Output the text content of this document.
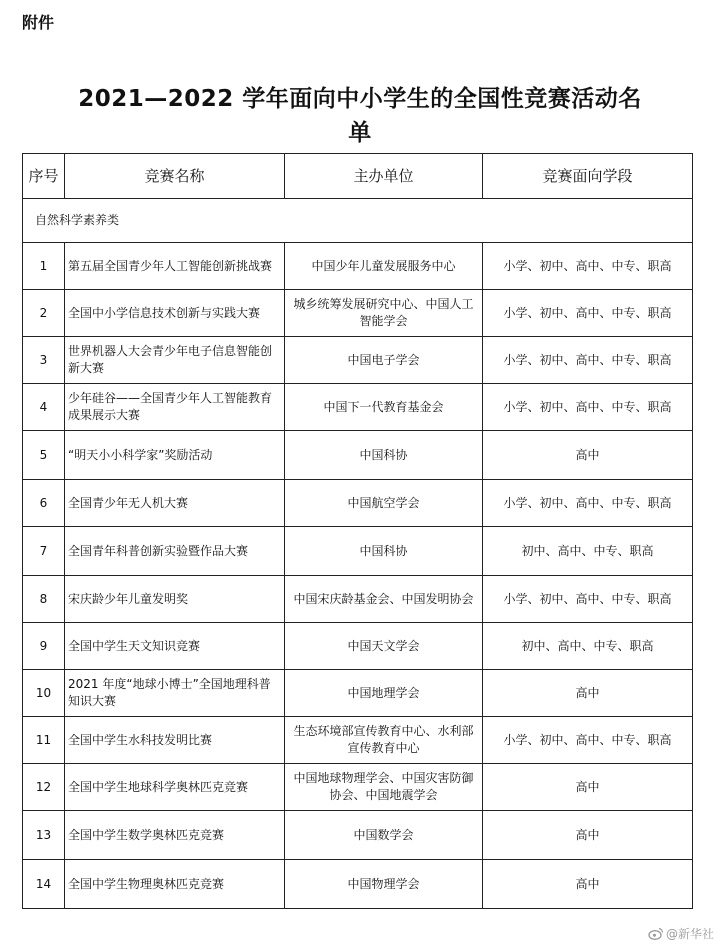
附件
2021—2022 学年面向中小学生的全国性竞赛活动名
单
序号	竞赛名称	主办单位	竞赛面向学段
自然科学素养类			
1	第五届全国青少年人工智能创新挑战赛	中国少年儿童发展服务中心	小学、初中、高中、中专、职高
2	全国中小学信息技术创新与实践大赛	城乡统筹发展研究中心、中国人工智能学会	小学、初中、高中、中专、职高
3	世界机器人大会青少年电子信息智能创新大赛	中国电子学会	小学、初中、高中、中专、职高
4	少年硅谷——全国青少年人工智能教育成果展示大赛	中国下一代教育基金会	小学、初中、高中、中专、职高
5	“明天小小科学家”奖励活动	中国科协	高中
6	全国青少年无人机大赛	中国航空学会	小学、初中、高中、中专、职高
7	全国青年科普创新实验暨作品大赛	中国科协	初中、高中、中专、职高
8	宋庆龄少年儿童发明奖	中国宋庆龄基金会、中国发明协会	小学、初中、高中、中专、职高
9	全国中学生天文知识竞赛	中国天文学会	初中、高中、中专、职高
10	2021 年度“地球小博士”全国地理科普知识大赛	中国地理学会	高中
11	全国中学生水科技发明比赛	生态环境部宣传教育中心、水利部宣传教育中心	小学、初中、高中、中专、职高
12	全国中学生地球科学奥林匹克竞赛	中国地球物理学会、中国灾害防御协会、中国地震学会	高中
13	全国中学生数学奥林匹克竞赛	中国数学会	高中
14	全国中学生物理奥林匹克竞赛	中国物理学会	高中
@新华社
